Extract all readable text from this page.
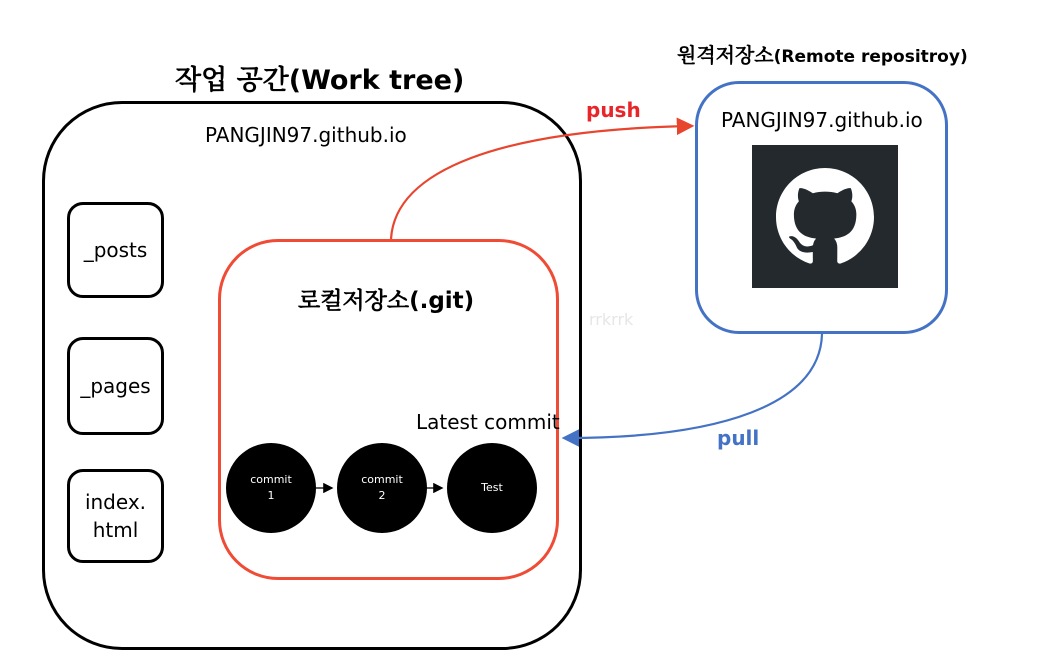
작업 공간(Work tree)
PANGJIN97.github.io
_posts
_pages
index.
html
로컬저장소(.git)
Latest commit
commit
1
commit
2
Test
rrkrrk
원격저장소(Remote repositroy)
PANGJIN97.github.io
push
pull
